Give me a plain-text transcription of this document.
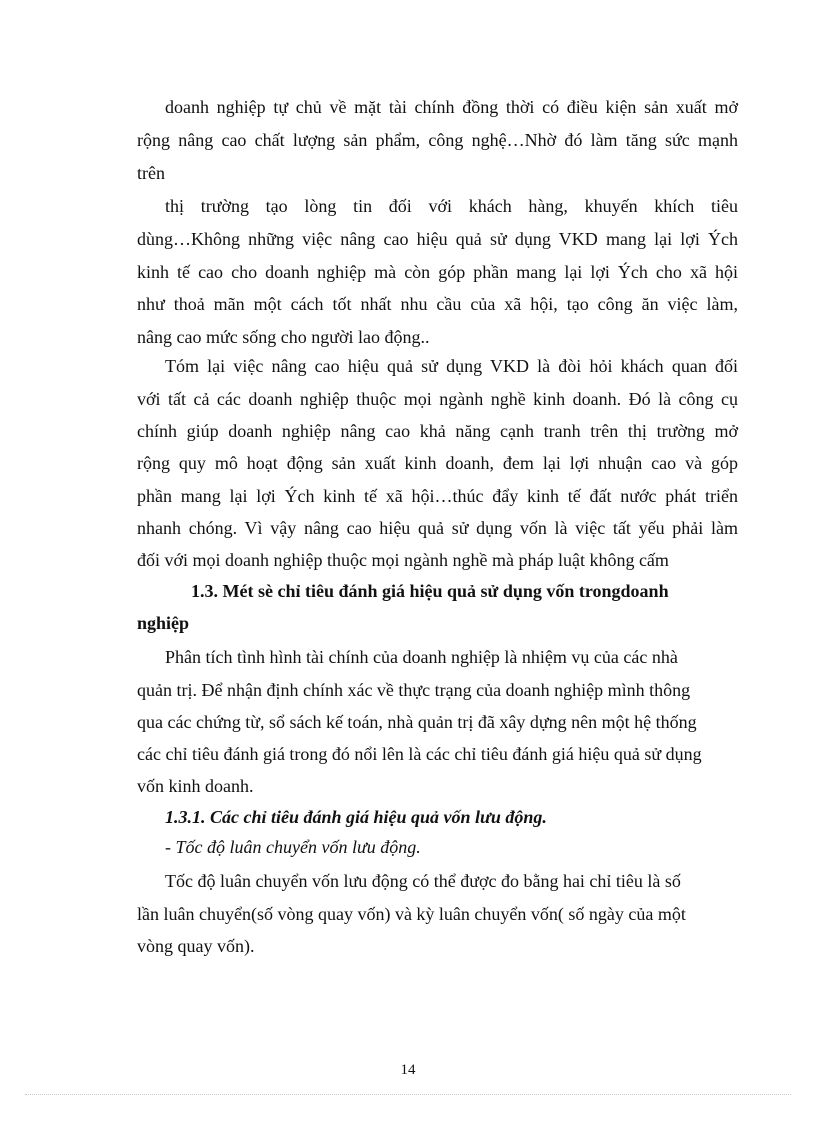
doanh nghiệp tự chủ về mặt tài chính đồng thời có điều kiện sản xuất mở
rộng nâng cao chất lượng sản phẩm, công nghệ…Nhờ đó làm tăng sức mạnh
trên
thị trường tạo lòng tin đối với khách hàng, khuyến khích tiêu
dùng…Không những việc nâng cao hiệu quả sử dụng VKD mang lại lợi Ých
kinh tế cao cho doanh nghiệp mà còn góp phần mang lại lợi Ých cho xã hội
như thoả mãn một cách tốt nhất nhu cầu của xã hội, tạo công ăn việc làm,
nâng cao mức sống cho người lao động..
Tóm lại việc nâng cao hiệu quả sử dụng VKD là đòi hỏi khách quan đối
với tất cả các doanh nghiệp thuộc mọi ngành nghề kinh doanh. Đó là công cụ
chính giúp doanh nghiệp nâng cao khả năng cạnh tranh trên thị trường mở
rộng quy mô hoạt động sản xuất kinh doanh, đem lại lợi nhuận cao và góp
phần mang lại lợi Ých kinh tế xã hội…thúc đẩy kinh tế đất nước phát triển
nhanh chóng. Vì vậy nâng cao hiệu quả sử dụng vốn là việc tất yếu phải làm
đối với mọi doanh nghiệp thuộc mọi ngành nghề mà pháp luật không cấm
1.3. Mét sè chỉ tiêu đánh giá hiệu quả sử dụng vốn trongdoanh
nghiệp
Phân tích tình hình tài chính của doanh nghiệp là nhiệm vụ của các nhà
quản trị. Để nhận định chính xác về thực trạng của doanh nghiệp mình thông
qua các chứng từ, sổ sách kế toán, nhà quản trị đã xây dựng nên một hệ thống
các chỉ tiêu đánh giá trong đó nổi lên là các chỉ tiêu đánh giá hiệu quả sử dụng
vốn kinh doanh.
1.3.1. Các chỉ tiêu đánh giá hiệu quả vốn lưu động.
- Tốc độ luân chuyển vốn lưu động.
Tốc độ luân chuyển vốn lưu động có thể được đo bằng hai chỉ tiêu là số
lần luân chuyển(số vòng quay vốn) và kỳ luân chuyển vốn( số ngày của một
vòng quay vốn).
14
